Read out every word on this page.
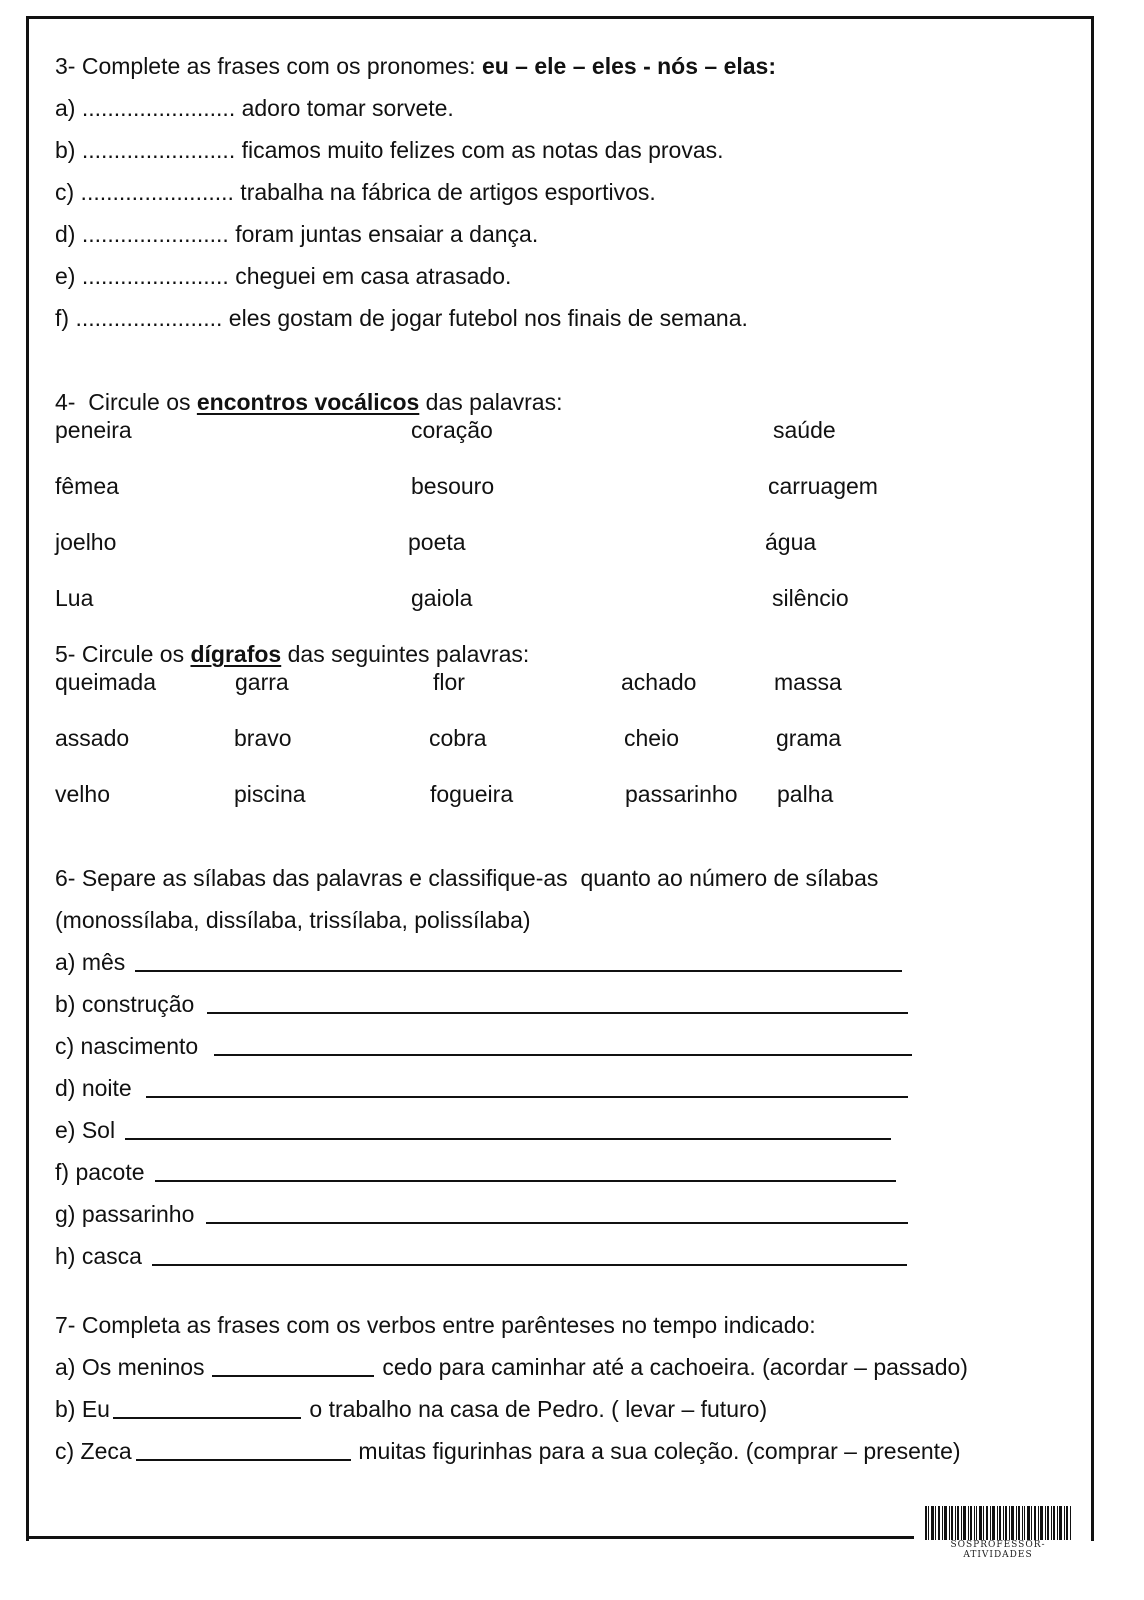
3- Complete as frases com os pronomes: eu – ele – eles - nós – elas:
a) ........................ adoro tomar sorvete.
b) ........................ ficamos muito felizes com as notas das provas.
c) ........................ trabalha na fábrica de artigos esportivos.
d) ....................... foram juntas ensaiar a dança.
e) ....................... cheguei em casa atrasado.
f) ....................... eles gostam de jogar futebol nos finais de semana.
4-  Circule os encontros vocálicos das palavras:
peneira	coração	saúde
fêmea	besouro	carruagem
joelho	poeta	água
Lua	gaiola	silêncio
5- Circule os dígrafos das seguintes palavras:
queimada	garra	flor	achado	massa
assado	bravo	cobra	cheio	grama
velho	piscina	fogueira	passarinho palha
6- Separe as sílabas das palavras e classifique-as  quanto ao número de sílabas
(monossílaba, dissílaba, trissílaba, polissílaba)
a) mês
b) construção
c) nascimento
d) noite
e) Sol
f) pacote
g) passarinho
h) casca
7- Completa as frases com os verbos entre parênteses no tempo indicado:
a) Os meninos	cedo para caminhar até a cachoeira. (acordar – passado)
b) Eu	o trabalho na casa de Pedro. ( levar – futuro)
c) Zeca	muitas figurinhas para a sua coleção. (comprar – presente)
SOSPROFESSOR-ATIVIDADES
